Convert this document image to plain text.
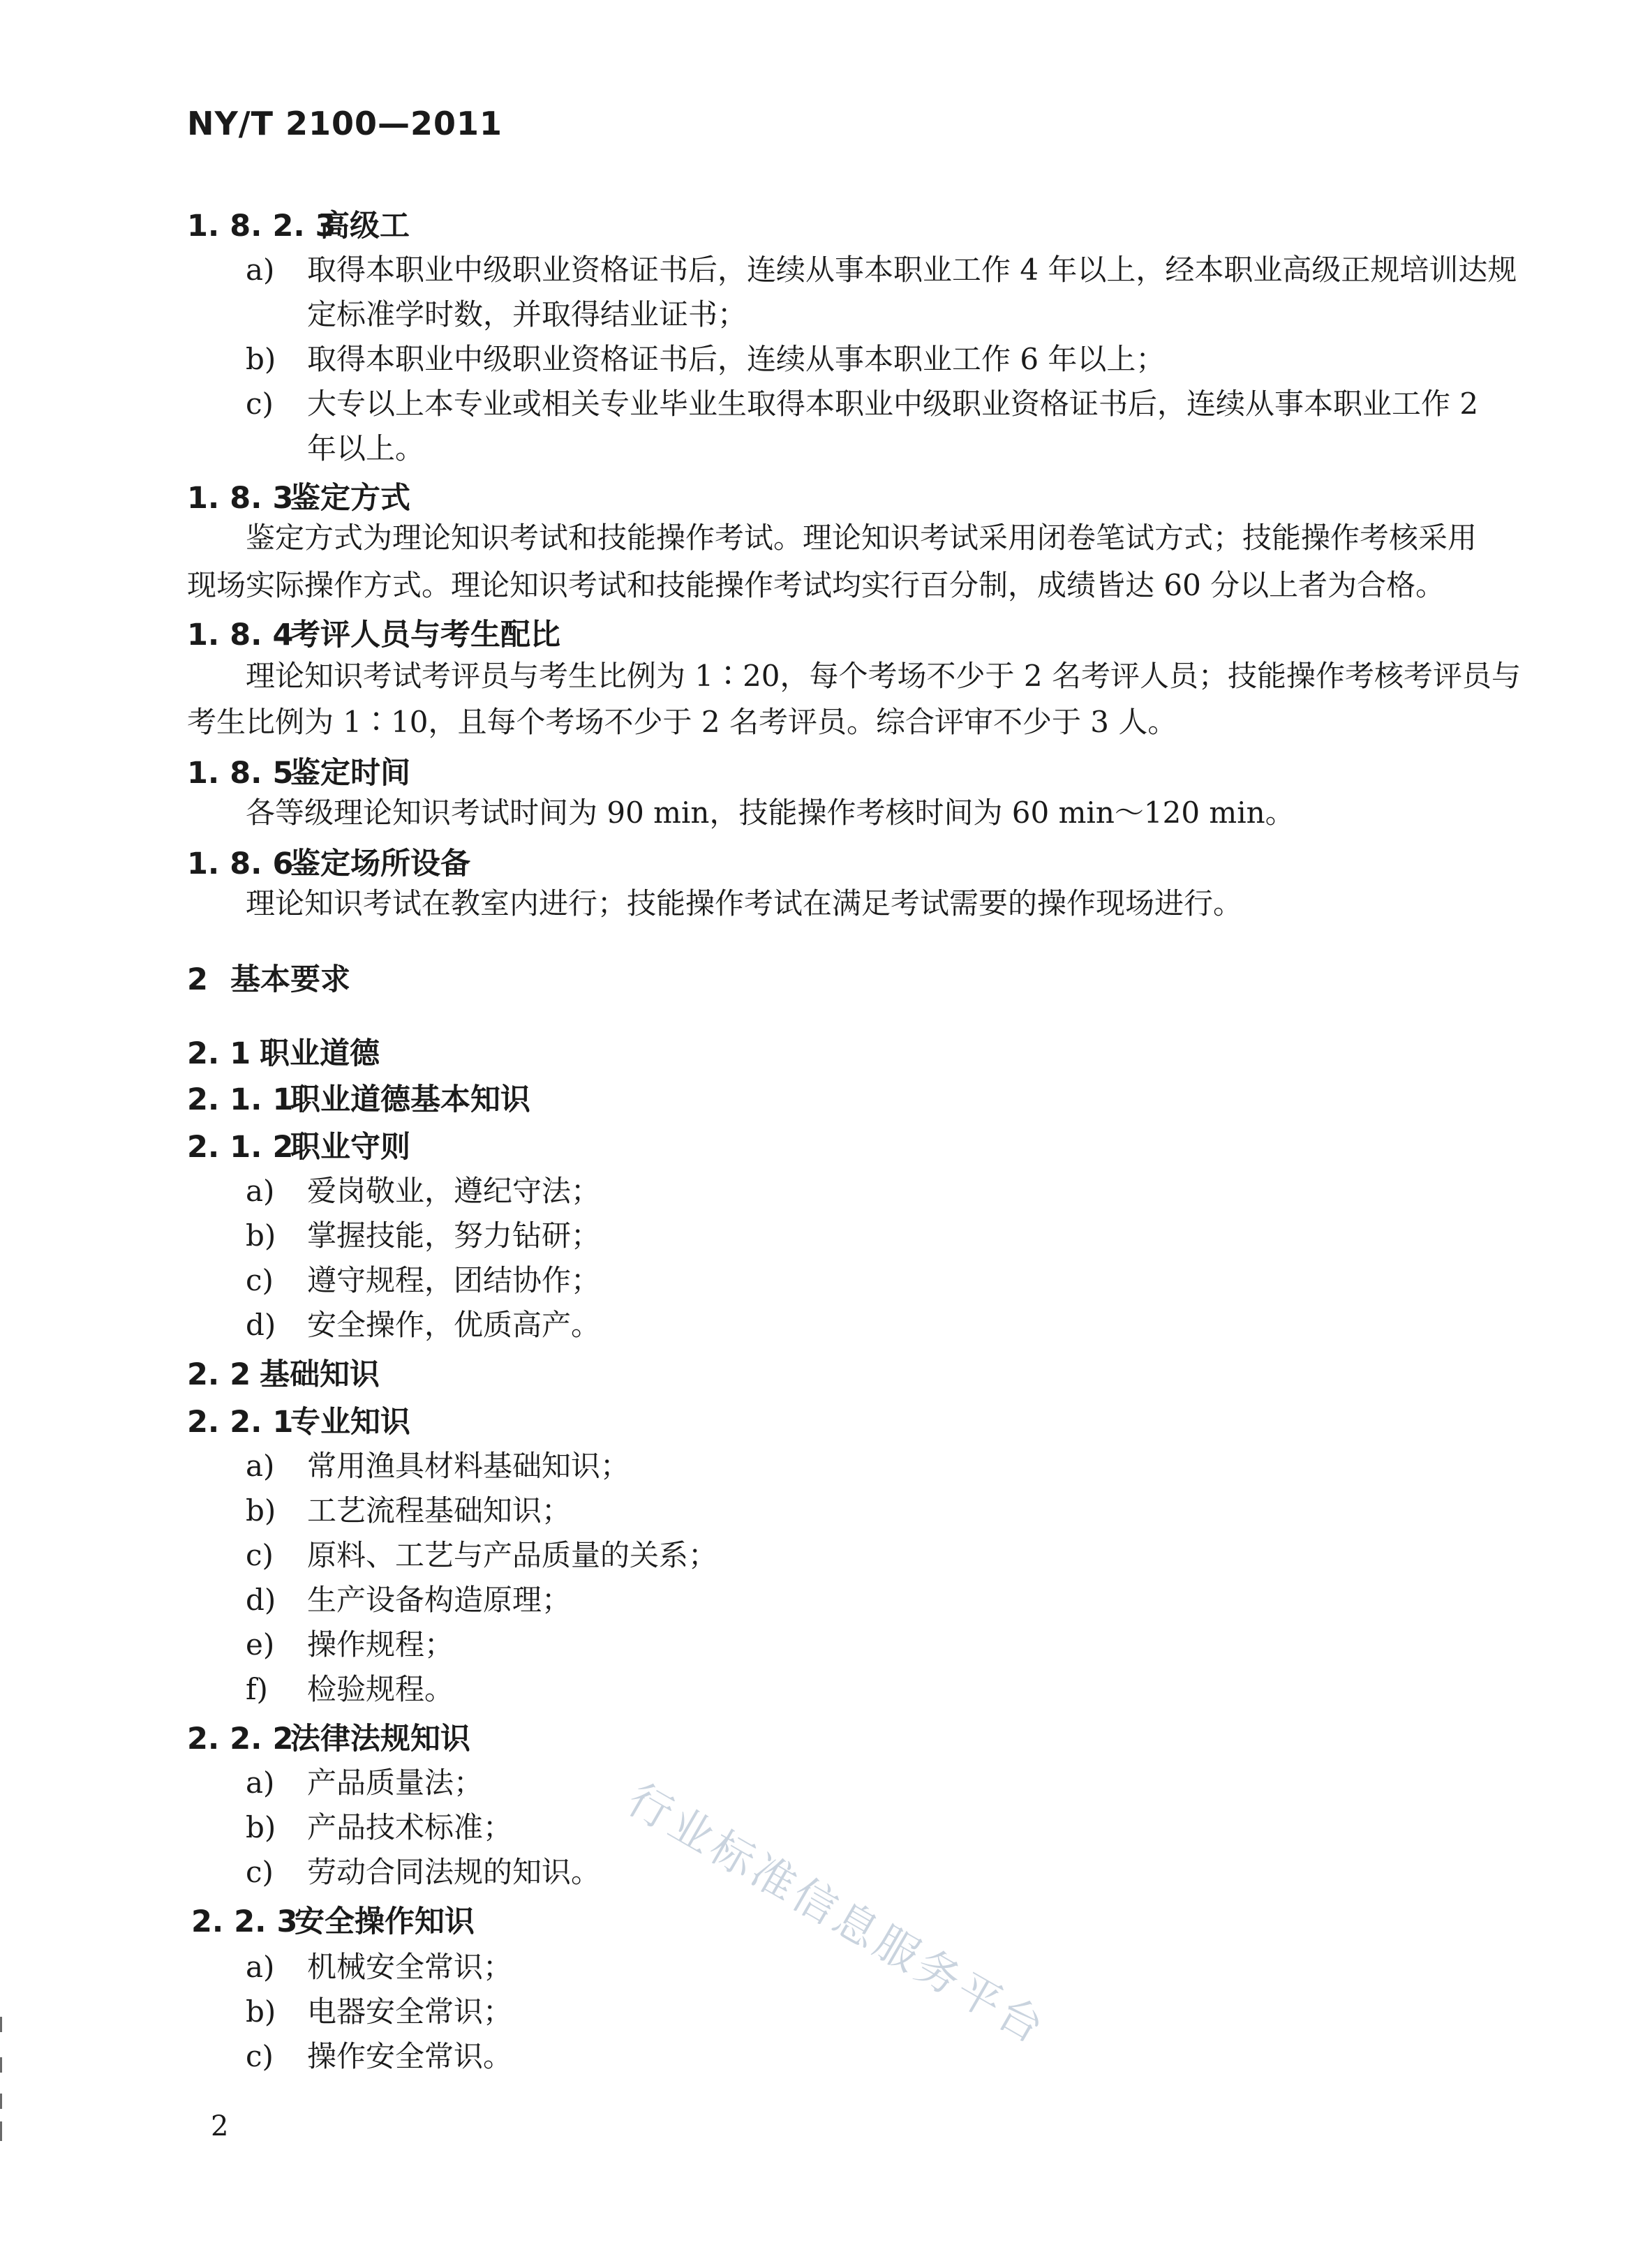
NY/T 2100—2011
1. 8. 2. 3高级工
a) 取得本职业中级职业资格证书后，连续从事本职业工作 4 年以上，经本职业高级正规培训达规
定标准学时数，并取得结业证书；
b) 取得本职业中级职业资格证书后，连续从事本职业工作 6 年以上；
c) 大专以上本专业或相关专业毕业生取得本职业中级职业资格证书后，连续从事本职业工作 2
年以上。
1. 8. 3鉴定方式
鉴定方式为理论知识考试和技能操作考试。理论知识考试采用闭卷笔试方式；技能操作考核采用
现场实际操作方式。理论知识考试和技能操作考试均实行百分制，成绩皆达 60 分以上者为合格。
1. 8. 4考评人员与考生配比
理论知识考试考评员与考生比例为 1∶20，每个考场不少于 2 名考评人员；技能操作考核考评员与
考生比例为 1∶10，且每个考场不少于 2 名考评员。综合评审不少于 3 人。
1. 8. 5鉴定时间
各等级理论知识考试时间为 90 min，技能操作考核时间为 60 min～120 min。
1. 8. 6鉴定场所设备
理论知识考试在教室内进行；技能操作考试在满足考试需要的操作现场进行。
2 基本要求
2. 1 职业道德
2. 1. 1职业道德基本知识
2. 1. 2职业守则
a) 爱岗敬业，遵纪守法；
b) 掌握技能，努力钻研；
c) 遵守规程，团结协作；
d) 安全操作，优质高产。
2. 2 基础知识
2. 2. 1专业知识
a) 常用渔具材料基础知识；
b) 工艺流程基础知识；
c) 原料、工艺与产品质量的关系；
d) 生产设备构造原理；
e) 操作规程；
f) 检验规程。
2. 2. 2法律法规知识
a) 产品质量法；
b) 产品技术标准；
c) 劳动合同法规的知识。
2. 2. 3安全操作知识
a) 机械安全常识；
b) 电器安全常识；
c) 操作安全常识。
2
行业标准信息服务平台
